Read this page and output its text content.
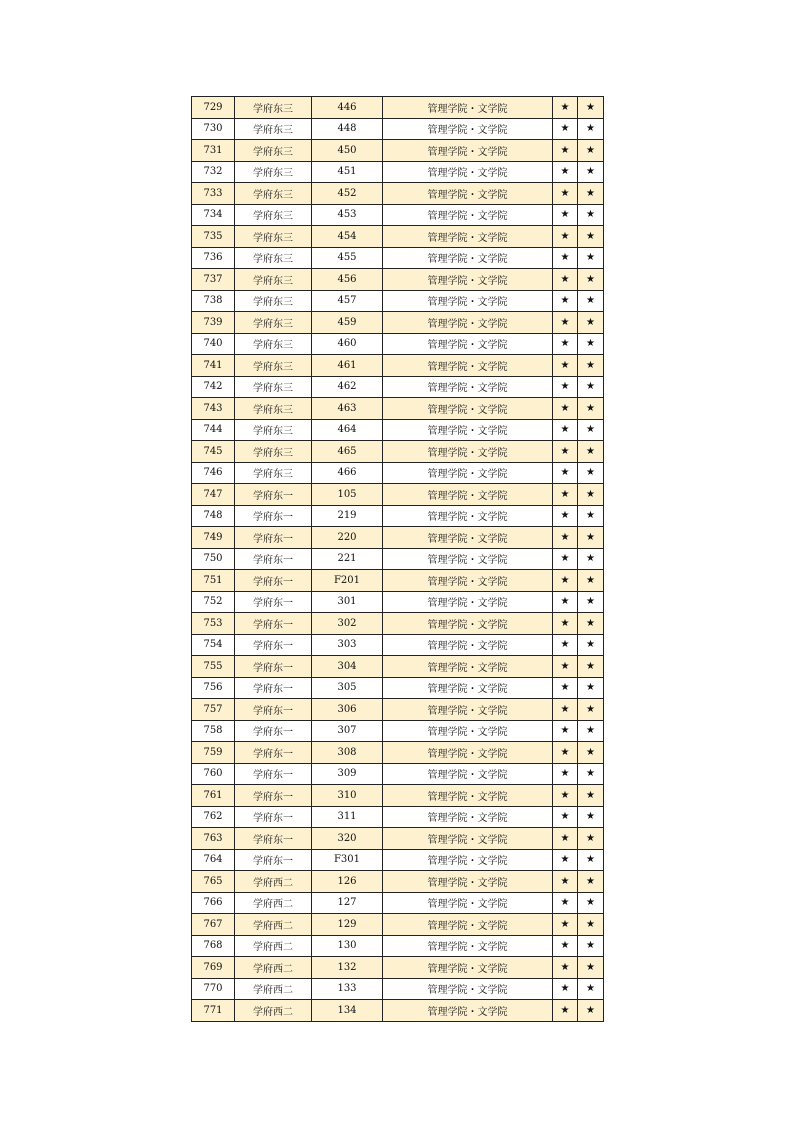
729	学府东三	446	管理学院・文学院	★	★
730	学府东三	448	管理学院・文学院	★	★
731	学府东三	450	管理学院・文学院	★	★
732	学府东三	451	管理学院・文学院	★	★
733	学府东三	452	管理学院・文学院	★	★
734	学府东三	453	管理学院・文学院	★	★
735	学府东三	454	管理学院・文学院	★	★
736	学府东三	455	管理学院・文学院	★	★
737	学府东三	456	管理学院・文学院	★	★
738	学府东三	457	管理学院・文学院	★	★
739	学府东三	459	管理学院・文学院	★	★
740	学府东三	460	管理学院・文学院	★	★
741	学府东三	461	管理学院・文学院	★	★
742	学府东三	462	管理学院・文学院	★	★
743	学府东三	463	管理学院・文学院	★	★
744	学府东三	464	管理学院・文学院	★	★
745	学府东三	465	管理学院・文学院	★	★
746	学府东三	466	管理学院・文学院	★	★
747	学府东一	105	管理学院・文学院	★	★
748	学府东一	219	管理学院・文学院	★	★
749	学府东一	220	管理学院・文学院	★	★
750	学府东一	221	管理学院・文学院	★	★
751	学府东一	F201	管理学院・文学院	★	★
752	学府东一	301	管理学院・文学院	★	★
753	学府东一	302	管理学院・文学院	★	★
754	学府东一	303	管理学院・文学院	★	★
755	学府东一	304	管理学院・文学院	★	★
756	学府东一	305	管理学院・文学院	★	★
757	学府东一	306	管理学院・文学院	★	★
758	学府东一	307	管理学院・文学院	★	★
759	学府东一	308	管理学院・文学院	★	★
760	学府东一	309	管理学院・文学院	★	★
761	学府东一	310	管理学院・文学院	★	★
762	学府东一	311	管理学院・文学院	★	★
763	学府东一	320	管理学院・文学院	★	★
764	学府东一	F301	管理学院・文学院	★	★
765	学府西二	126	管理学院・文学院	★	★
766	学府西二	127	管理学院・文学院	★	★
767	学府西二	129	管理学院・文学院	★	★
768	学府西二	130	管理学院・文学院	★	★
769	学府西二	132	管理学院・文学院	★	★
770	学府西二	133	管理学院・文学院	★	★
771	学府西二	134	管理学院・文学院	★	★
